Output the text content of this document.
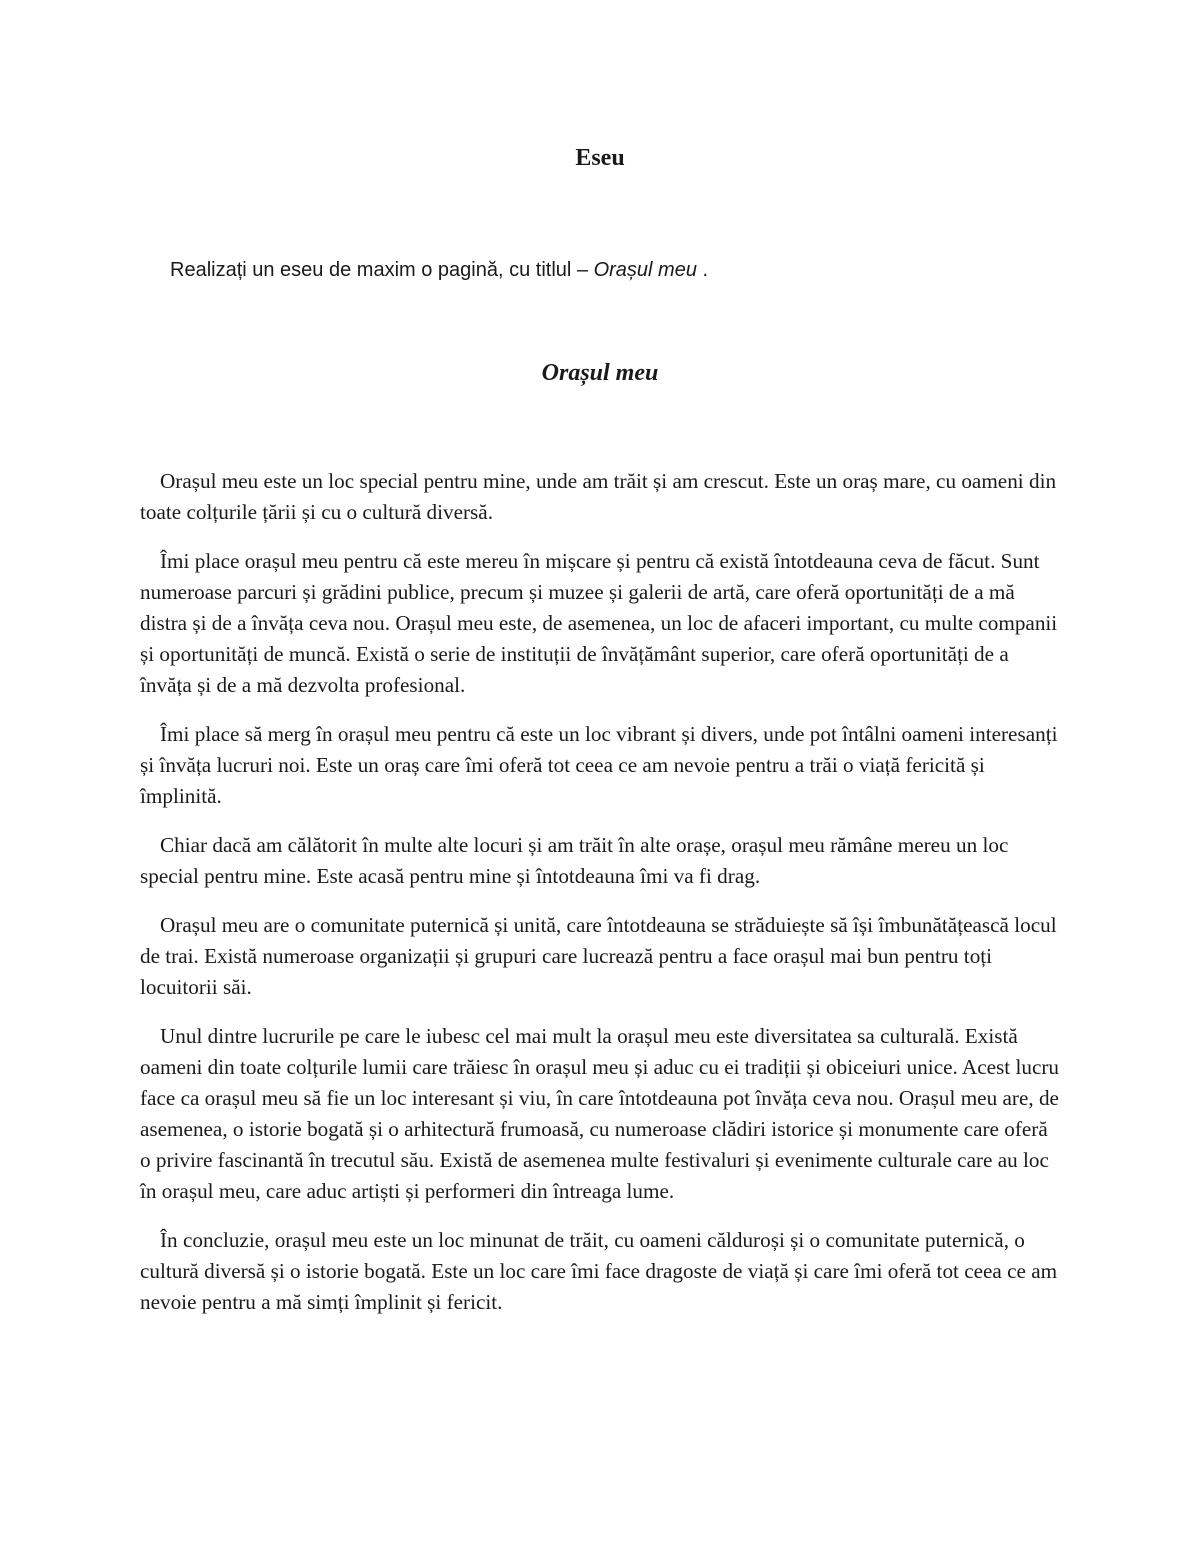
Eseu

Realizați un eseu de maxim o pagină, cu titlul – Orașul meu .

Orașul meu

Orașul meu este un loc special pentru mine, unde am trăit și am crescut. Este un oraș mare, cu oameni din toate colțurile țării și cu o cultură diversă.

Îmi place orașul meu pentru că este mereu în mișcare și pentru că există întotdeauna ceva de făcut. Sunt numeroase parcuri și grădini publice, precum și muzee și galerii de artă, care oferă oportunități de a mă distra și de a învăța ceva nou. Orașul meu este, de asemenea, un loc de afaceri important, cu multe companii și oportunități de muncă. Există o serie de instituții de învățământ superior, care oferă oportunități de a învăța și de a mă dezvolta profesional.

Îmi place să merg în orașul meu pentru că este un loc vibrant și divers, unde pot întâlni oameni interesanți și învăța lucruri noi. Este un oraș care îmi oferă tot ceea ce am nevoie pentru a trăi o viață fericită și împlinită.

Chiar dacă am călătorit în multe alte locuri și am trăit în alte orașe, orașul meu rămâne mereu un loc special pentru mine. Este acasă pentru mine și întotdeauna îmi va fi drag.

Orașul meu are o comunitate puternică și unită, care întotdeauna se străduiește să își îmbunătățească locul de trai. Există numeroase organizații și grupuri care lucrează pentru a face orașul mai bun pentru toți locuitorii săi.

Unul dintre lucrurile pe care le iubesc cel mai mult la orașul meu este diversitatea sa culturală. Există oameni din toate colțurile lumii care trăiesc în orașul meu și aduc cu ei tradiții și obiceiuri unice. Acest lucru face ca orașul meu să fie un loc interesant și viu, în care întotdeauna pot învăța ceva nou. Orașul meu are, de asemenea, o istorie bogată și o arhitectură frumoasă, cu numeroase clădiri istorice și monumente care oferă o privire fascinantă în trecutul său. Există de asemenea multe festivaluri și evenimente culturale care au loc în orașul meu, care aduc artiști și performeri din întreaga lume.

În concluzie, orașul meu este un loc minunat de trăit, cu oameni călduroși și o comunitate puternică, o cultură diversă și o istorie bogată. Este un loc care îmi face dragoste de viață și care îmi oferă tot ceea ce am nevoie pentru a mă simți împlinit și fericit.
